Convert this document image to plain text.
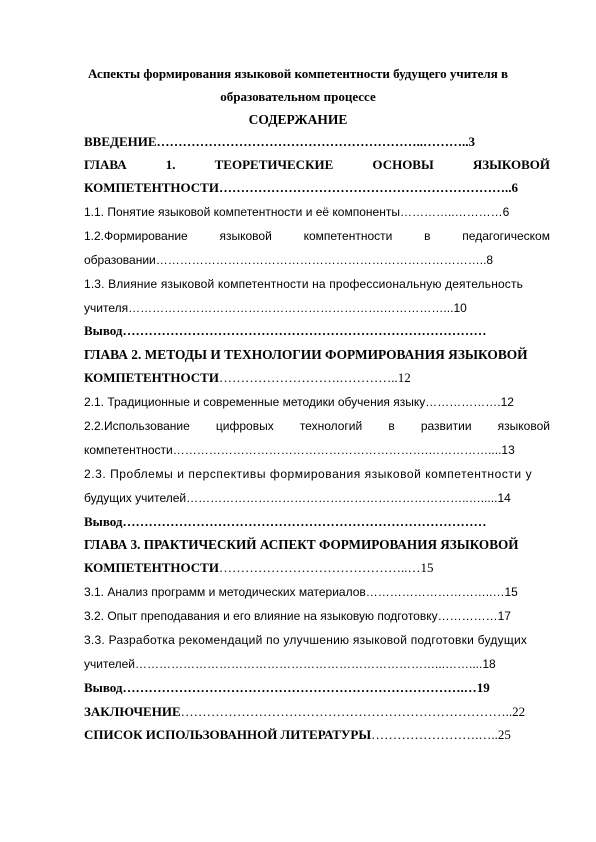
Аспекты формирования языковой компетентности будущего учителя в
образовательном процессе
СОДЕРЖАНИЕ
ВВЕДЕНИЕ……………………………………………………..………..3
ГЛАВА	1.	ТЕОРЕТИЧЕСКИЕ	ОСНОВЫ	ЯЗЫКОВОЙ
КОМПЕТЕНТНОСТИ…………………………………………………………..6
1.1. Понятие языковой компетентности и её компоненты…………..…………6
1.2.Формирование	языковой	компетентности	в	педагогическом
образовании………………………………………………………………………..8
1.3. Влияние языковой компетентности на профессиональную деятельность
учителя……………………………………………………….……………...10
Вывод…………………………………………………………………………
ГЛАВА 2. МЕТОДЫ И ТЕХНОЛОГИИ ФОРМИРОВАНИЯ ЯЗЫКОВОЙ
КОМПЕТЕНТНОСТИ……………………….…………..12
2.1. Традиционные и современные методики обучения языку……………….12
2.2.Использование цифровых технологий в развитии языковой
компетентности……………………………………………………….……………....13
2.3. Проблемы и перспективы формирования языковой компетентности у
будущих учителей……………………………………………………………..….....14
Вывод…………………………………………………………………………
ГЛАВА 3. ПРАКТИЧЕСКИЙ АСПЕКТ ФОРМИРОВАНИЯ ЯЗЫКОВОЙ
КОМПЕТЕНТНОСТИ……………………………………..…15
3.1. Анализ программ и методических материалов…………………………..…15
3.2. Опыт преподавания и его влияние на языковую подготовку……………17
3.3. Разработка рекомендаций по улучшению языковой подготовки будущих
учителей…………………………………………………………………...……....18
Вывод…………………………………………………………………….…19
ЗАКЛЮЧЕНИЕ…………………………………………………………………..22
СПИСОК ИСПОЛЬЗОВАННОЙ ЛИТЕРАТУРЫ…………………….…..25
